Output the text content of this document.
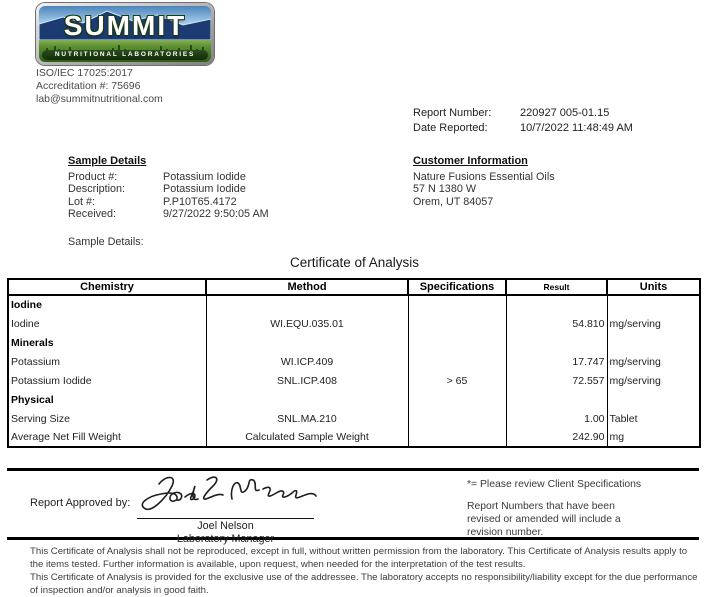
SUMMIT
NUTRITIONAL LABORATORIES
ISO/IEC 17025:2017
Accreditation #: 75696
lab@summitnutritional.com
Report Number:	220927 005-01.15
Date Reported:	10/7/2022 11:48:49 AM
Sample Details
Product #:	Potassium Iodide
Description:	Potassium Iodide
Lot #:	P.P10T65.4172
Received:	9/27/2022 9:50:05 AM
Sample Details:
Customer Information
Nature Fusions Essential Oils
57 N 1380 W
Orem, UT 84057
Certificate of Analysis
Chemistry	Method	Specifications	Result	Units
Iodine				
Iodine	WI.EQU.035.01		54.810	mg/serving
Minerals				
Potassium	WI.ICP.409		17.747	mg/serving
Potassium Iodide	SNL.ICP.408	> 65	72.557	mg/serving
Physical				
Serving Size	SNL.MA.210		1.00	Tablet
Average Net Fill Weight	Calculated Sample Weight		242.90	mg
Report Approved by:
Joel Nelson
Laboratory Manager
*= Please review Client Specifications
Report Numbers that have been revised or amended will include a revision number.

This Certificate of Analysis shall not be reproduced, except in full, without written permission from the laboratory. This Certificate of Analysis results apply to the items tested. Further information is available, upon request, when needed for the interpretation of the test results.

This Certificate of Analysis is provided for the exclusive use of the addressee. The laboratory accepts no responsibility/liability except for the due performance of inspection and/or analysis in good faith.
